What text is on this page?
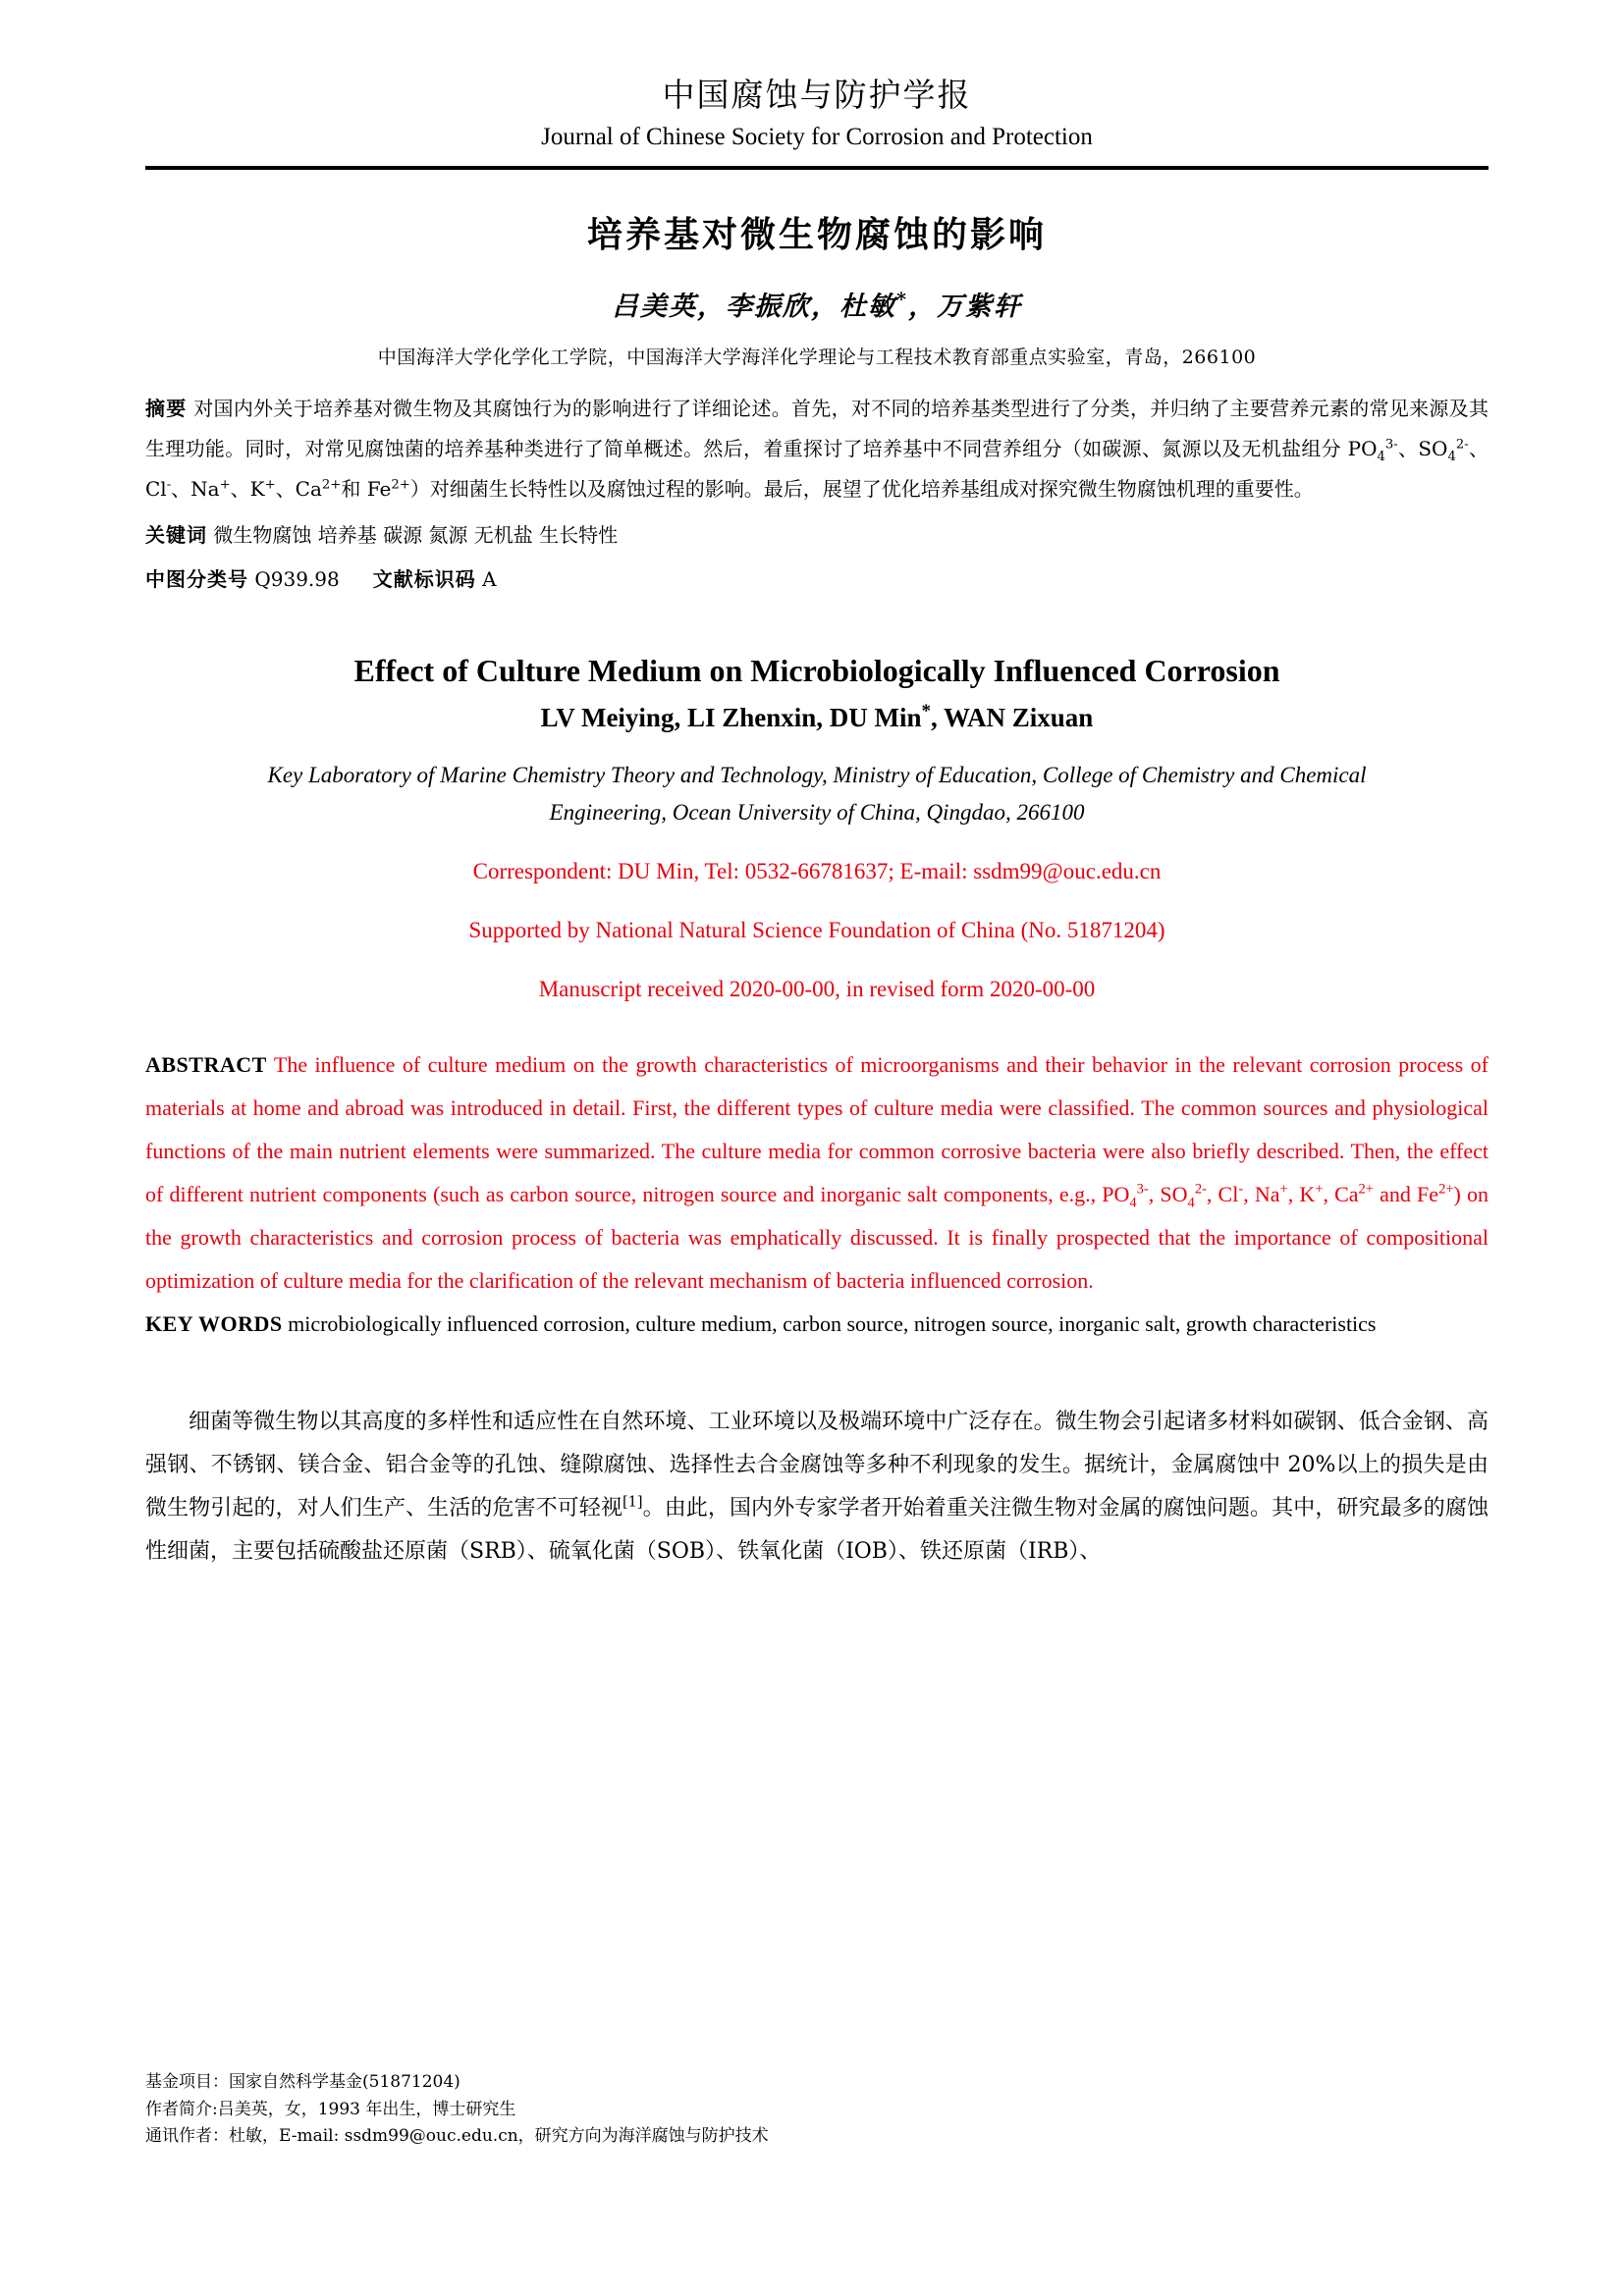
中国腐蚀与防护学报
Journal of Chinese Society for Corrosion and Protection
培养基对微生物腐蚀的影响
吕美英，李振欣，杜敏*，万紫轩
中国海洋大学化学化工学院，中国海洋大学海洋化学理论与工程技术教育部重点实验室，青岛，266100
摘要 对国内外关于培养基对微生物及其腐蚀行为的影响进行了详细论述。首先，对不同的培养基类型进行了分类，并归纳了主要营养元素的常见来源及其生理功能。同时，对常见腐蚀菌的培养基种类进行了简单概述。然后，着重探讨了培养基中不同营养组分（如碳源、氮源以及无机盐组分 $PO_4^{3-}$、$SO_4^{2-}$、Cl-、Na+、K+、$Ca^{2+}$和 $Fe^{2+}$）对细菌生长特性以及腐蚀过程的影响。最后，展望了优化培养基组成对探究微生物腐蚀机理的重要性。
关键词 微生物腐蚀 培养基 碳源 氮源 无机盐 生长特性
中图分类号 Q939.98 文献标识码 A
Effect of Culture Medium on Microbiologically Influenced Corrosion
LV Meiying, LI Zhenxin, DU Min*, WAN Zixuan
Key Laboratory of Marine Chemistry Theory and Technology, Ministry of Education, College of Chemistry and Chemical Engineering, Ocean University of China, Qingdao, 266100
Correspondent: DU Min, Tel: 0532-66781637; E-mail: ssdm99@ouc.edu.cn
Supported by National Natural Science Foundation of China (No. 51871204)
Manuscript received 2020-00-00, in revised form 2020-00-00
ABSTRACT The influence of culture medium on the growth characteristics of microorganisms and their behavior in the relevant corrosion process of materials at home and abroad was introduced in detail. First, the different types of culture media were classified. The common sources and physiological functions of the main nutrient elements were summarized. The culture media for common corrosive bacteria were also briefly described. Then, the effect of different nutrient components (such as carbon source, nitrogen source and inorganic salt components, e.g., $PO_4^{3-}$, $SO_4^{2-}$, Cl-, Na+, K+, $Ca^{2+}$ and $Fe^{2+}$) on the growth characteristics and corrosion process of bacteria was emphatically discussed. It is finally prospected that the importance of compositional optimization of culture media for the clarification of the relevant mechanism of bacteria influenced corrosion.
KEY WORDS microbiologically influenced corrosion, culture medium, carbon source, nitrogen source, inorganic salt, growth characteristics
细菌等微生物以其高度的多样性和适应性在自然环境、工业环境以及极端环境中广泛存在。微生物会引起诸多材料如碳钢、低合金钢、高强钢、不锈钢、镁合金、铝合金等的孔蚀、缝隙腐蚀、选择性去合金腐蚀等多种不利现象的发生。据统计，金属腐蚀中 20%以上的损失是由微生物引起的，对人们生产、生活的危害不可轻视[1]。由此，国内外专家学者开始着重关注微生物对金属的腐蚀问题。其中，研究最多的腐蚀性细菌，主要包括硫酸盐还原菌（SRB）、硫氧化菌（SOB）、铁氧化菌（IOB）、铁还原菌（IRB）、
基金项目：国家自然科学基金(51871204)
作者简介:吕美英，女，1993 年出生，博士研究生
通讯作者：杜敏，E-mail: ssdm99@ouc.edu.cn，研究方向为海洋腐蚀与防护技术
